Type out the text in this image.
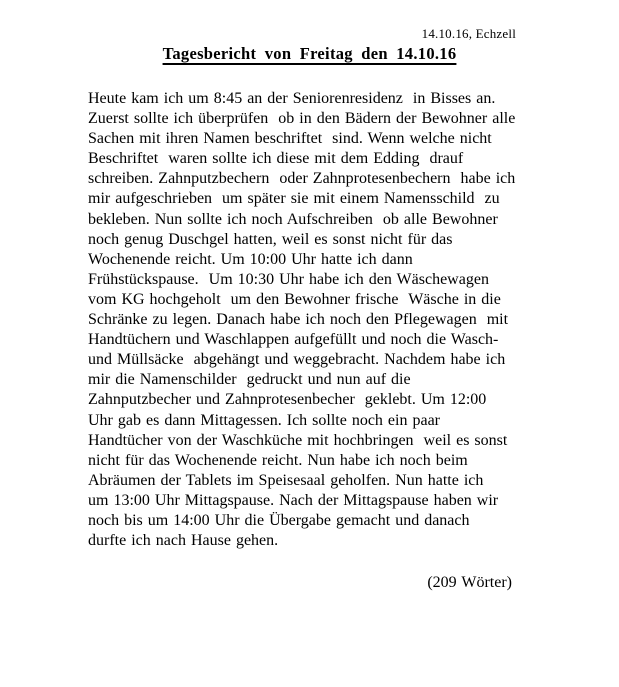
14.10.16, Echzell
Tagesbericht von Freitag den 14.10.16
Heute kam ich um 8:45 an der Seniorenresidenz  in Bisses an.
Zuerst sollte ich überprüfen  ob in den Bädern der Bewohner alle
Sachen mit ihren Namen beschriftet  sind. Wenn welche nicht
Beschriftet  waren sollte ich diese mit dem Edding  drauf
schreiben. Zahnputzbechern  oder Zahnprotesenbechern  habe ich
mir aufgeschrieben  um später sie mit einem Namensschild  zu
bekleben. Nun sollte ich noch Aufschreiben  ob alle Bewohner
noch genug Duschgel hatten, weil es sonst nicht für das
Wochenende reicht. Um 10:00 Uhr hatte ich dann
Frühstückspause.  Um 10:30 Uhr habe ich den Wäschewagen
vom KG hochgeholt  um den Bewohner frische  Wäsche in die
Schränke zu legen. Danach habe ich noch den Pflegewagen  mit
Handtüchern und Waschlappen aufgefüllt und noch die Wasch-
und Müllsäcke  abgehängt und weggebracht. Nachdem habe ich
mir die Namenschilder  gedruckt und nun auf die
Zahnputzbecher und Zahnprotesenbecher  geklebt. Um 12:00
Uhr gab es dann Mittagessen. Ich sollte noch ein paar
Handtücher von der Waschküche mit hochbringen  weil es sonst
nicht für das Wochenende reicht. Nun habe ich noch beim
Abräumen der Tablets im Speisesaal geholfen. Nun hatte ich
um 13:00 Uhr Mittagspause. Nach der Mittagspause haben wir
noch bis um 14:00 Uhr die Übergabe gemacht und danach
durfte ich nach Hause gehen.
(209 Wörter)
